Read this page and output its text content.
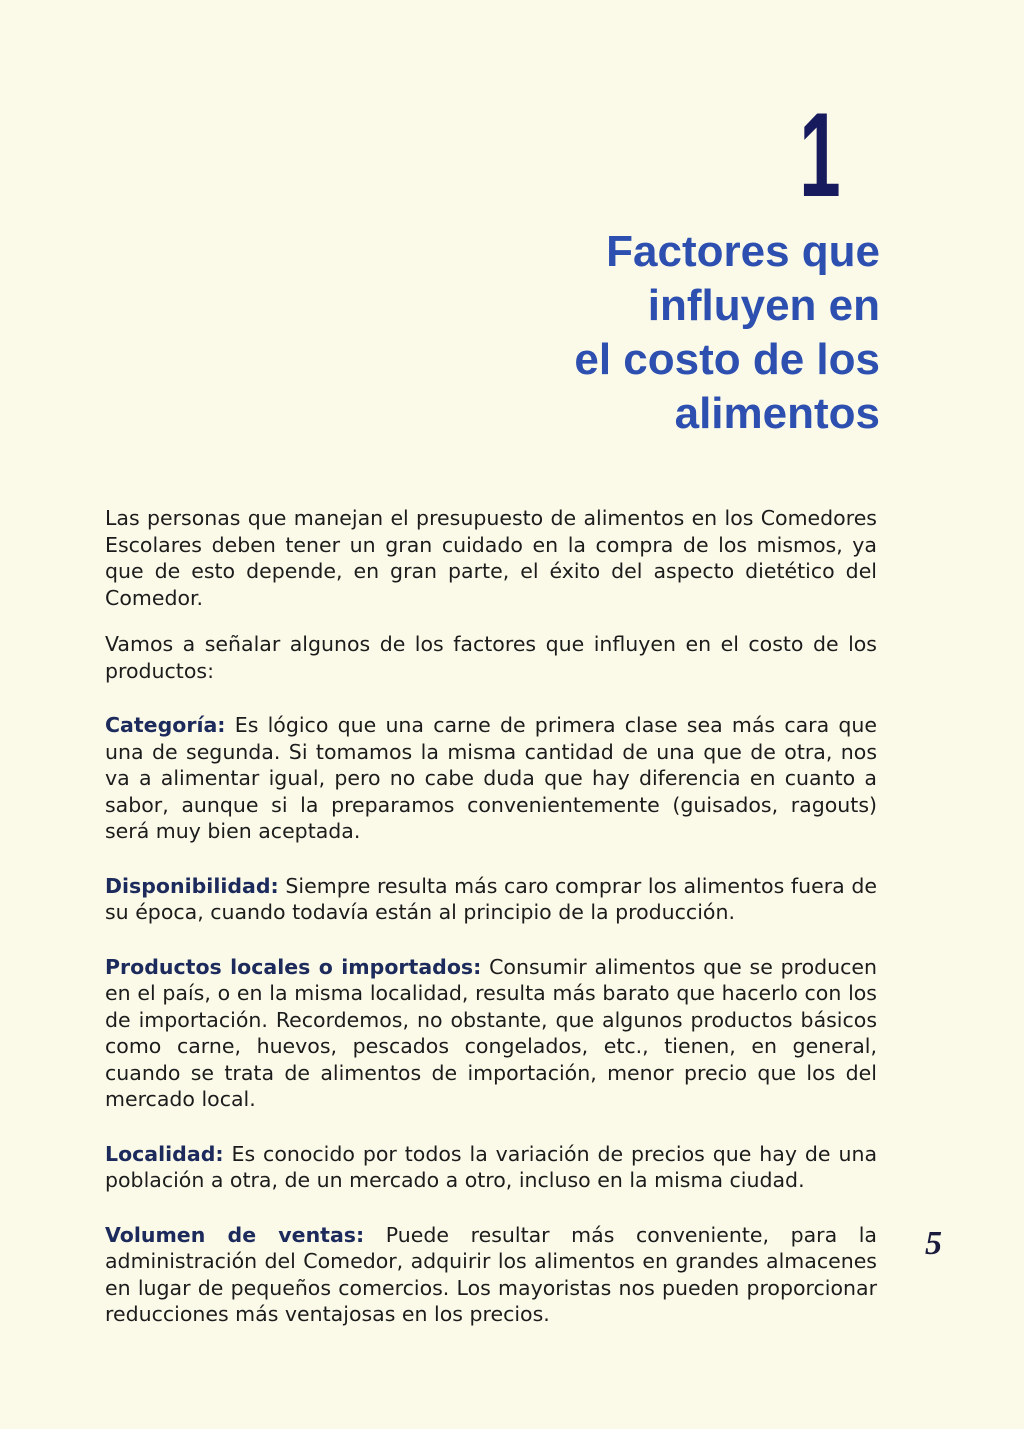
1
Factores que influyen en
el costo de los alimentos

Las personas que manejan el presupuesto de alimentos en los Comedores Escolares deben tener un gran cuidado en la compra de los mismos, ya que de esto depende, en gran parte, el éxito del aspecto dietético del Comedor.

Vamos a señalar algunos de los factores que influyen en el costo de los productos:

Categoría: Es lógico que una carne de primera clase sea más cara que una de segunda. Si tomamos la misma cantidad de una que de otra, nos va a alimentar igual, pero no cabe duda que hay diferencia en cuanto a sabor, aunque si la preparamos convenientemente (guisados, ragouts) será muy bien aceptada.

Disponibilidad: Siempre resulta más caro comprar los alimentos fuera de su época, cuando todavía están al principio de la producción.

Productos locales o importados: Consumir alimentos que se producen en el país, o en la misma localidad, resulta más barato que hacerlo con los de importación. Recordemos, no obstante, que algunos productos básicos como carne, huevos, pescados congelados, etc., tienen, en general, cuando se trata de alimentos de importación, menor precio que los del mercado local.

Localidad: Es conocido por todos la variación de precios que hay de una población a otra, de un mercado a otro, incluso en la misma ciudad.

Volumen de ventas: Puede resultar más conveniente, para la administración del Comedor, adquirir los alimentos en grandes almacenes en lugar de pequeños comercios. Los mayoristas nos pueden proporcionar reducciones más ventajosas en los precios.

5
